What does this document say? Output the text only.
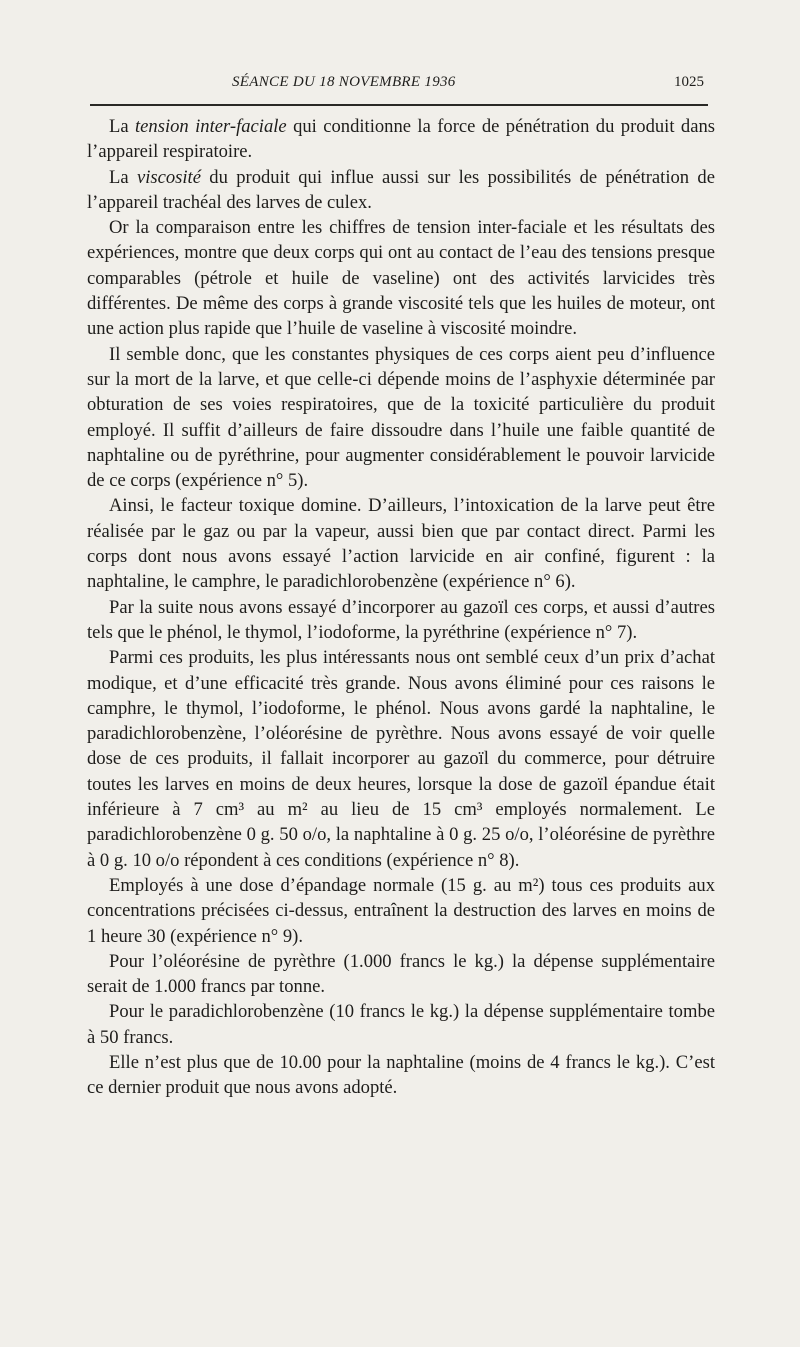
SÉANCE DU 18 NOVEMBRE 1936	1025

La tension inter-faciale qui conditionne la force de pénétration du produit dans l’appareil respiratoire.

La viscosité du produit qui influe aussi sur les possibilités de pénétration de l’appareil trachéal des larves de culex.

Or la comparaison entre les chiffres de tension inter-faciale et les résultats des expériences, montre que deux corps qui ont au contact de l’eau des tensions presque comparables (pétrole et huile de vaseline) ont des activités larvicides très différentes. De même des corps à grande viscosité tels que les huiles de moteur, ont une action plus rapide que l’huile de vaseline à viscosité moindre.

Il semble donc, que les constantes physiques de ces corps aient peu d’influence sur la mort de la larve, et que celle-ci dépende moins de l’asphyxie déterminée par obturation de ses voies respiratoires, que de la toxicité particulière du produit employé. Il suffit d’ailleurs de faire dissoudre dans l’huile une faible quantité de naphtaline ou de pyréthrine, pour augmenter considérablement le pouvoir larvicide de ce corps (expérience n° 5).

Ainsi, le facteur toxique domine. D’ailleurs, l’intoxication de la larve peut être réalisée par le gaz ou par la vapeur, aussi bien que par contact direct. Parmi les corps dont nous avons essayé l’action larvicide en air confiné, figurent : la naphtaline, le camphre, le paradichlorobenzène (expérience n° 6).

Par la suite nous avons essayé d’incorporer au gazoïl ces corps, et aussi d’autres tels que le phénol, le thymol, l’iodoforme, la pyréthrine (expérience n° 7).

Parmi ces produits, les plus intéressants nous ont semblé ceux d’un prix d’achat modique, et d’une efficacité très grande. Nous avons éliminé pour ces raisons le camphre, le thymol, l’iodoforme, le phénol. Nous avons gardé la naphtaline, le paradichlorobenzène, l’oléorésine de pyrèthre. Nous avons essayé de voir quelle dose de ces produits, il fallait incorporer au gazoïl du commerce, pour détruire toutes les larves en moins de deux heures, lorsque la dose de gazoïl épandue était inférieure à 7 cm³ au m² au lieu de 15 cm³ employés normalement. Le paradichlorobenzène 0 g. 50 o/o, la naphtaline à 0 g. 25 o/o, l’oléorésine de pyrèthre à 0 g. 10 o/o répondent à ces conditions (expérience n° 8).

Employés à une dose d’épandage normale (15 g. au m²) tous ces produits aux concentrations précisées ci-dessus, entraînent la destruction des larves en moins de 1 heure 30 (expérience n° 9).

Pour l’oléorésine de pyrèthre (1.000 francs le kg.) la dépense supplémentaire serait de 1.000 francs par tonne.

Pour le paradichlorobenzène (10 francs le kg.) la dépense supplémentaire tombe à 50 francs.

Elle n’est plus que de 10.00 pour la naphtaline (moins de 4 francs le kg.). C’est ce dernier produit que nous avons adopté.
